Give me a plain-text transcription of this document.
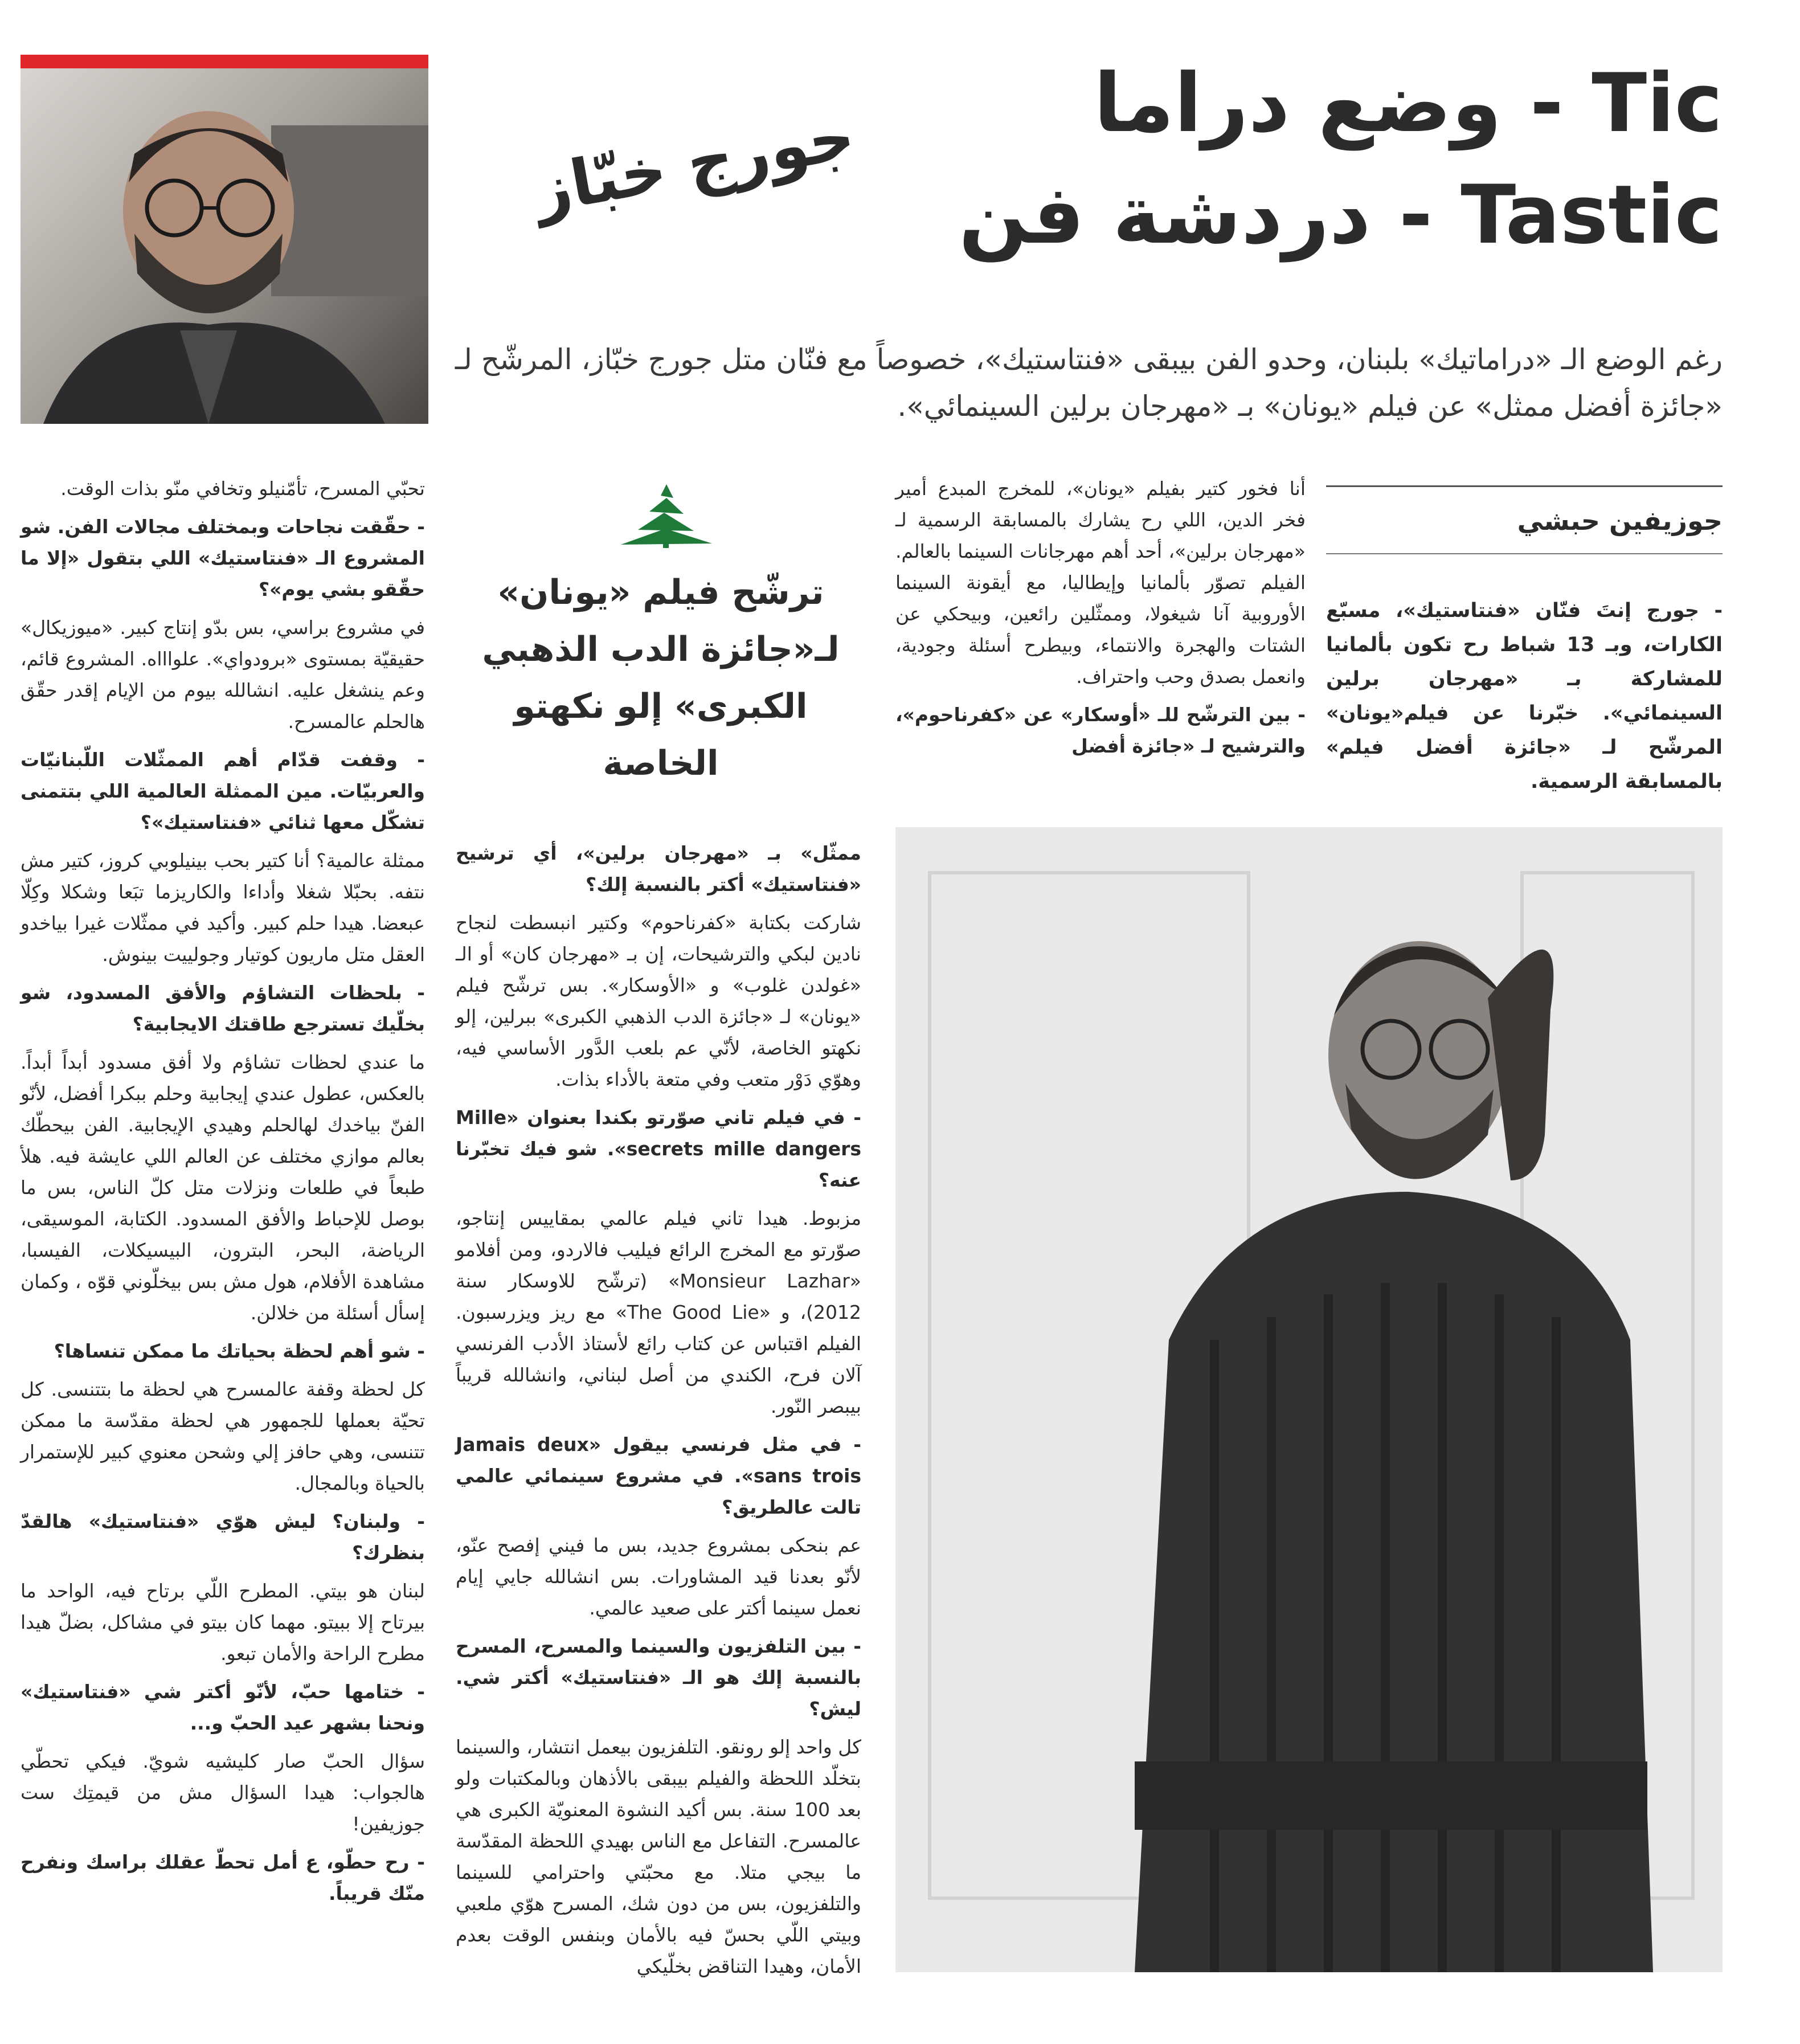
وضع دراما - Tic
دردشة فن - Tastic
جورج خبّاز
رغم الوضع الـ «دراماتيك» بلبنان، وحدو الفن بيبقى «فنتاستيك»، خصوصاً مع فنّان متل جورج خبّاز، المرشّح لـ «جائزة أفضل ممثل» عن فيلم «يونان» بـ «مهرجان برلين السينمائي».
جوزيفين حبشي

- جورج إنتَ فنّان «فنتاستيك»، مسبّع الكارات، وبـ 13 شباط رح تكون بألمانيا للمشاركة بـ «مهرجان برلين السينمائي». خبّرنا عن فيلم«يونان» المرشّح لـ «جائزة أفضل فيلم» بالمسابقة الرسمية.

أنا فخور كتير بفيلم «يونان»، للمخرج المبدع أمير فخر الدين، اللي رح يشارك بالمسابقة الرسمية لـ «مهرجان برلين»، أحد أهم مهرجانات السينما بالعالم. الفيلم تصوّر بألمانيا وإيطاليا، مع أيقونة السينما الأوروبية آنا شيغولا، وممثّلين رائعين، وبيحكي عن الشتات والهجرة والانتماء، وبيطرح أسئلة وجودية، وانعمل بصدق وحب واحتراف.

- بين الترشّح للـ «أوسكار» عن «كفرناحوم»، والترشيح لـ «جائزة أفضل

ترشّح فيلم «يونان» لـ«جائزة الدب الذهبي الكبرى» إلو نكهتو الخاصة

ممثّل» بـ «مهرجان برلين»، أي ترشيح «فنتاستيك» أكتر بالنسبة إلك؟

شاركت بكتابة «كفرناحوم» وكتير انبسطت لنجاح نادين لبكي والترشيحات، إن بـ «مهرجان كان» أو الـ «غولدن غلوب» و «الأوسكار». بس ترشّح فيلم «يونان» لـ «جائزة الدب الذهبي الكبرى» ببرلين، إلو نكهتو الخاصة، لأنّي عم بلعب الدَّور الأساسي فيه، وهوّي دَوْر متعب وفي متعة بالأداء بذات.

- في فيلم تاني صوّرتو بكندا بعنوان «Mille secrets mille dangers». شو فيك تخبّرنا عنه؟

مزبوط. هيدا تاني فيلم عالمي بمقاييس إنتاجو، صوّرتو مع المخرج الرائع فيليب فالاردو، ومن أفلامو «Monsieur Lazhar» (ترشّح للاوسكار سنة 2012)، و «The Good Lie» مع ريز ويزرسبون. الفيلم اقتباس عن كتاب رائع لأستاذ الأدب الفرنسي آلان فرح، الكندي من أصل لبناني، وانشالله قريباً بيبصر النّور.

- في مثل فرنسي بيقول «Jamais deux sans trois». في مشروع سينمائي عالمي تالت عالطريق؟

عم بنحكى بمشروع جديد، بس ما فيني إفصح عنّو، لأنّو بعدنا قيد المشاورات. بس انشالله جايي إيام نعمل سينما أكتر على صعيد عالمي.

- بين التلفزيون والسينما والمسرح، المسرح بالنسبة إلك هو الـ «فنتاستيك» أكتر شي. ليش؟

كل واحد إلو رونقو. التلفزيون بيعمل انتشار، والسينما بتخلّد اللحظة والفيلم بيبقى بالأذهان وبالمكتبات ولو بعد 100 سنة. بس أكيد النشوة المعنويّة الكبرى هي عالمسرح. التفاعل مع الناس بهيدي اللحظة المقدّسة ما بيجي متلا. مع محبّتي واحترامي للسينما والتلفزيون، بس من دون شك، المسرح هوّي ملعبي وبيتي اللّي بحسّ فيه بالأمان وبنفس الوقت بعدم الأمان، وهيدا التناقض بخلّيكي

تحبّي المسرح، تأمّنيلو وتخافي منّو بذات الوقت.

- حقّقت نجاحات وبمختلف مجالات الفن. شو المشروع الـ «فنتاستيك» اللي بتقول «إلا ما حقّقو بشي يوم»؟

في مشروع براسي، بس بدّو إنتاج كبير. «ميوزيكال» حقيقيّة بمستوى «برودواي». علواااه. المشروع قائم، وعم ينشغل عليه. انشالله بيوم من الإيام إقدر حقّق هالحلم عالمسرح.

- وقفت قدّام أهم الممثّلات اللّبنانيّات والعربيّات. مين الممثلة العالمية اللي بتتمنى تشكّل معها ثنائي «فنتاستيك»؟

ممثلة عالمية؟ أنا كتير بحب بينيلوبي كروز، كتير مش نتفه. بحبّلا شغلا وأداءا والكاريزما تبَعا وشكلا وكِلّا عبعضا. هيدا حلم كبير. وأكيد في ممثّلات غيرا بياخدو العقل متل ماريون كوتيار وجولييت بينوش.

- بلحظات التشاؤم والأفق المسدود، شو بخلّيك تسترجع طاقتك الايجابية؟

ما عندي لحظات تشاؤم ولا أفق مسدود أبداً أبداً. بالعكس، عطول عندي إيجابية وحلم ببكرا أفضل، لأنّو الفنّ بياخدك لهالحلم وهيدي الإيجابية. الفن بيحطّك بعالم موازي مختلف عن العالم اللي عايشة فيه. هلأ طبعاً في طلعات ونزلات متل كلّ الناس، بس ما بوصل للإحباط والأفق المسدود. الكتابة، الموسيقى، الرياضة، البحر، البترون، البيسيكلات، الفيسبا، مشاهدة الأفلام، هول مش بس بيخلّوني قوّه ، وكمان إسأل أسئلة من خلالن.

- شو أهم لحظة بحياتك ما ممكن تنساها؟

كل لحظة وقفة عالمسرح هي لحظة ما بتتنسى. كل تحيّة بعملها للجمهور هي لحظة مقدّسة ما ممكن تتنسى، وهي حافز إلي وشحن معنوي كبير للإستمرار بالحياة وبالمجال.

- ولبنان؟ ليش هوّي «فنتاستيك» هالقدّ بنظرك؟

لبنان هو بيتي. المطرح اللّي برتاح فيه، الواحد ما بيرتاح إلا ببيتو. مهما كان بيتو في مشاكل، بضلّ هيدا مطرح الراحة والأمان تبعو.

- ختامها حبّ، لأنّو أكتر شي «فنتاستيك» ونحنا بشهر عيد الحبّ و...

سؤال الحبّ صار كليشيه شويّ. فيكي تحطّي هالجواب: هيدا السؤال مش من قيمتِك ست جوزيفين!

- رح حطّو، ع أمل تحطّ عقلك براسك ونفرح منّك قريباً.
